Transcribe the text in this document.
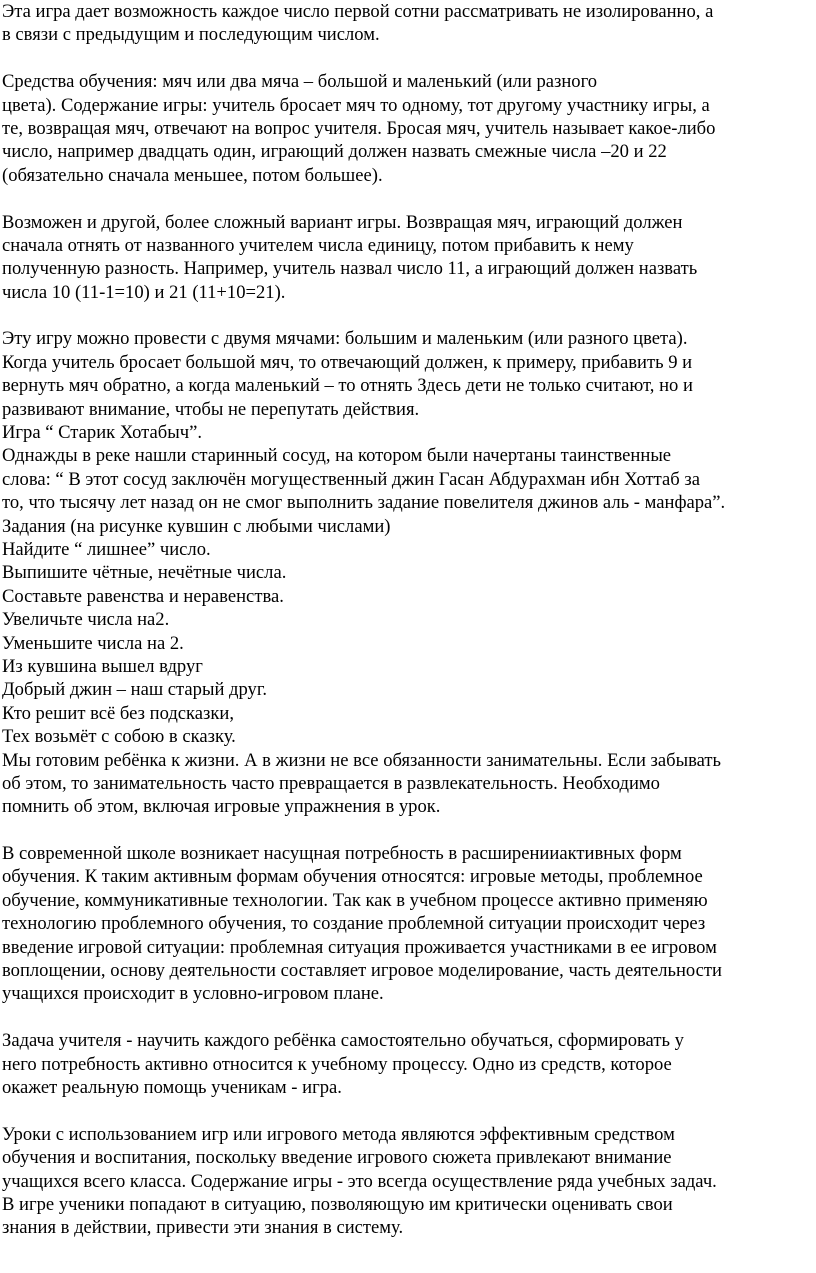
Эта игра дает возможность каждое число первой сотни рассматривать не изолированно, а
в связи с предыдущим и последующим числом.
Средства обучения: мяч или два мяча – большой и маленький (или разного
цвета). Содержание игры: учитель бросает мяч то одному, тот другому участнику игры, а
те, возвращая мяч, отвечают на вопрос учителя. Бросая мяч, учитель называет какое-либо
число, например двадцать один, играющий должен назвать смежные числа –20 и 22
(обязательно сначала меньшее, потом большее).
Возможен и другой, более сложный вариант игры. Возвращая мяч, играющий должен
сначала отнять от названного учителем числа единицу, потом прибавить к нему
полученную разность. Например, учитель назвал число 11, а играющий должен назвать
числа 10 (11-1=10) и 21 (11+10=21).
Эту игру можно провести с двумя мячами: большим и маленьким (или разного цвета).
Когда учитель бросает большой мяч, то отвечающий должен, к примеру, прибавить 9 и
вернуть мяч обратно, а когда маленький – то отнять Здесь дети не только считают, но и
развивают внимание, чтобы не перепутать действия.
Игра “ Старик Хотабыч”.
Однажды в реке нашли старинный сосуд, на котором были начертаны таинственные
слова: “ В этот сосуд заключён могущественный джин Гасан Абдурахман ибн Хоттаб за
то, что тысячу лет назад он не смог выполнить задание повелителя джинов аль - манфара”.
Задания (на рисунке кувшин с любыми числами)
Найдите “ лишнее” число.
Выпишите чётные, нечётные числа.
Составьте равенства и неравенства.
Увеличьте числа на2.
Уменьшите числа на 2.
Из кувшина вышел вдруг
Добрый джин – наш старый друг.
Кто решит всё без подсказки,
Тех возьмёт с собою в сказку.
Мы готовим ребёнка к жизни. А в жизни не все обязанности занимательны. Если забывать
об этом, то занимательность часто превращается в развлекательность. Необходимо
помнить об этом, включая игровые упражнения в урок.
В современной школе возникает насущная потребность в расширенииактивных форм
обучения. К таким активным формам обучения относятся: игровые методы, проблемное
обучение, коммуникативные технологии. Так как в учебном процессе активно применяю
технологию проблемного обучения, то создание проблемной ситуации происходит через
введение игровой ситуации: проблемная ситуация проживается участниками в ее игровом
воплощении, основу деятельности составляет игровое моделирование, часть деятельности
учащихся происходит в условно-игровом плане.
Задача учителя - научить каждого ребёнка самостоятельно обучаться, сформировать у
него потребность активно относится к учебному процессу. Одно из средств, которое
окажет реальную помощь ученикам - игра.
Уроки с использованием игр или игрового метода являются эффективным средством
обучения и воспитания, поскольку введение игрового сюжета привлекают внимание
учащихся всего класса. Содержание игры - это всегда осуществление ряда учебных задач.
В игре ученики попадают в ситуацию, позволяющую им критически оценивать свои
знания в действии, привести эти знания в систему.
